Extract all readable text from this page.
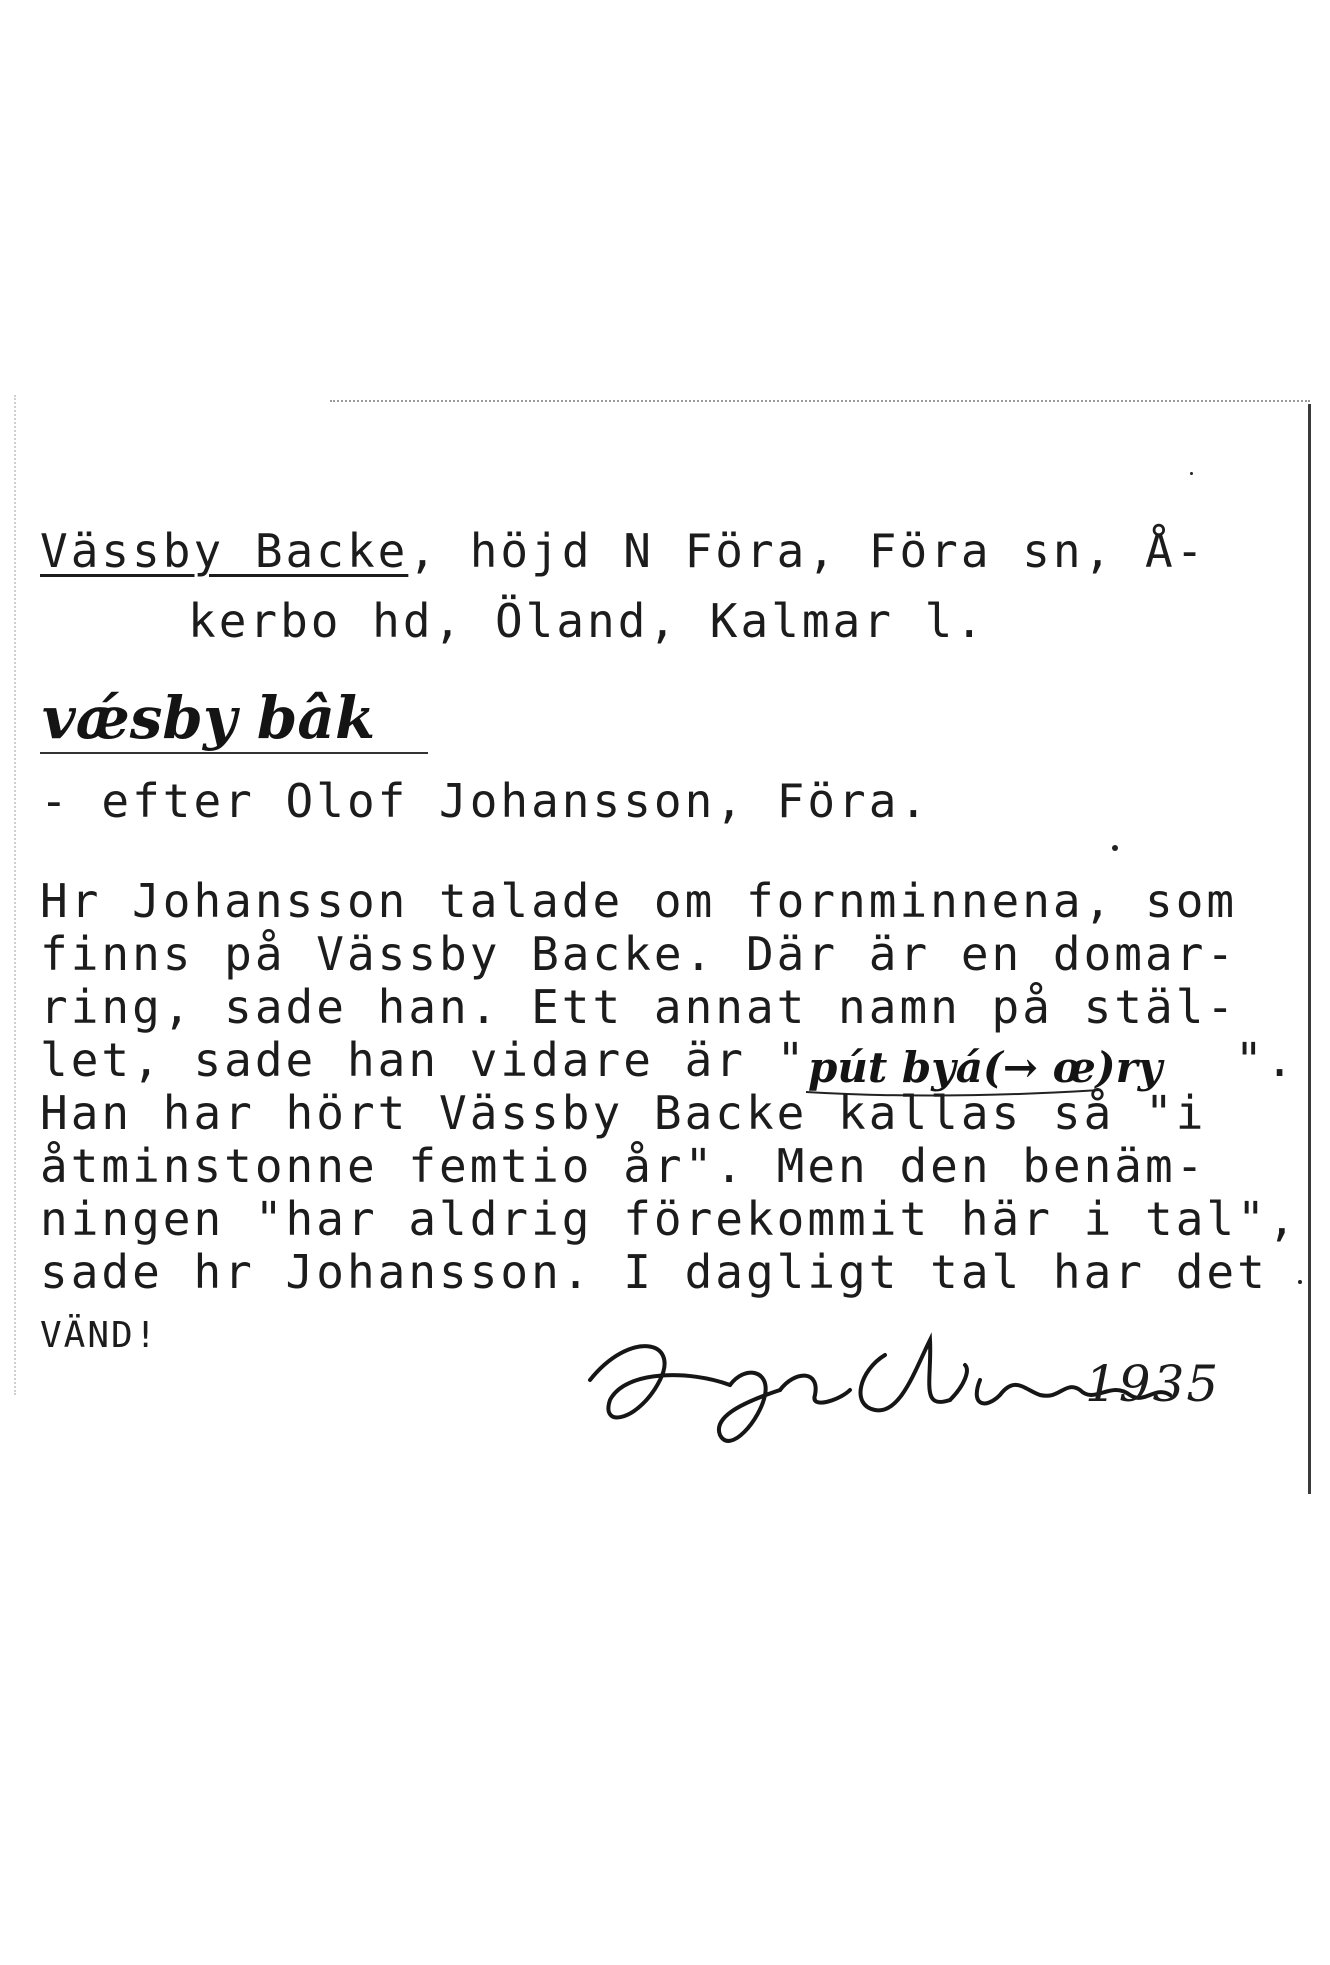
Vässby Backe, höjd N Föra, Föra sn, Å-
kerbo hd, Öland, Kalmar l.
vǽsby bâk
- efter Olof Johansson, Föra.
Hr Johansson talade om fornminnena, som
finns på Vässby Backe. Där är en domar-
ring, sade han. Ett annat namn på stäl-
let, sade han vidare är " pút byá(→ œ)ry ".
Han har hört Vässby Backe kallas så "i
åtminstonne femtio år". Men den benäm-
ningen "har aldrig förekommit här i tal",
sade hr Johansson. I dagligt tal har det
VÄND!
1935
